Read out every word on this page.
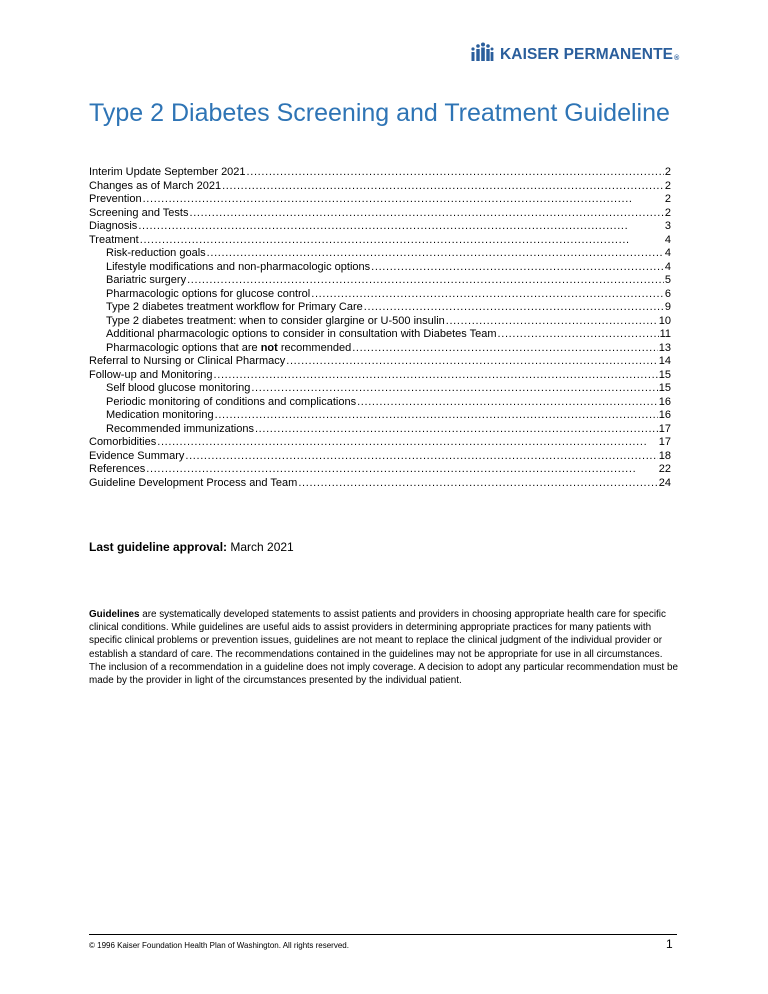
KAISER PERMANENTE®
Type 2 Diabetes Screening and Treatment Guideline
Interim Update September 2021 . . .	2
Changes as of March 2021 . . .	2
Prevention . . .	2
Screening and Tests . . .	2
Diagnosis . . .	3
Treatment . . .	4
Risk-reduction goals . . .	4
Lifestyle modifications and non-pharmacologic options . . .	4
Bariatric surgery . . .	5
Pharmacologic options for glucose control . . .	6
Type 2 diabetes treatment workflow for Primary Care . . .	9
Type 2 diabetes treatment: when to consider glargine or U-500 insulin . . .	10
Additional pharmacologic options to consider in consultation with Diabetes Team . . .	11
Pharmacologic options that are not recommended . . .	13
Referral to Nursing or Clinical Pharmacy . . .	14
Follow-up and Monitoring . . .	15
Self blood glucose monitoring . . .	15
Periodic monitoring of conditions and complications . . .	16
Medication monitoring . . .	16
Recommended immunizations . . .	17
Comorbidities . . .	17
Evidence Summary . . .	18
References . . .	22
Guideline Development Process and Team . . .	24
Last guideline approval: March 2021

Guidelines are systematically developed statements to assist patients and providers in choosing appropriate health care for specific clinical conditions. While guidelines are useful aids to assist providers in determining appropriate practices for many patients with specific clinical problems or prevention issues, guidelines are not meant to replace the clinical judgment of the individual provider or establish a standard of care. The recommendations contained in the guidelines may not be appropriate for use in all circumstances. The inclusion of a recommendation in a guideline does not imply coverage. A decision to adopt any particular recommendation must be made by the provider in light of the circumstances presented by the individual patient.

© 1996 Kaiser Foundation Health Plan of Washington. All rights reserved.	1
